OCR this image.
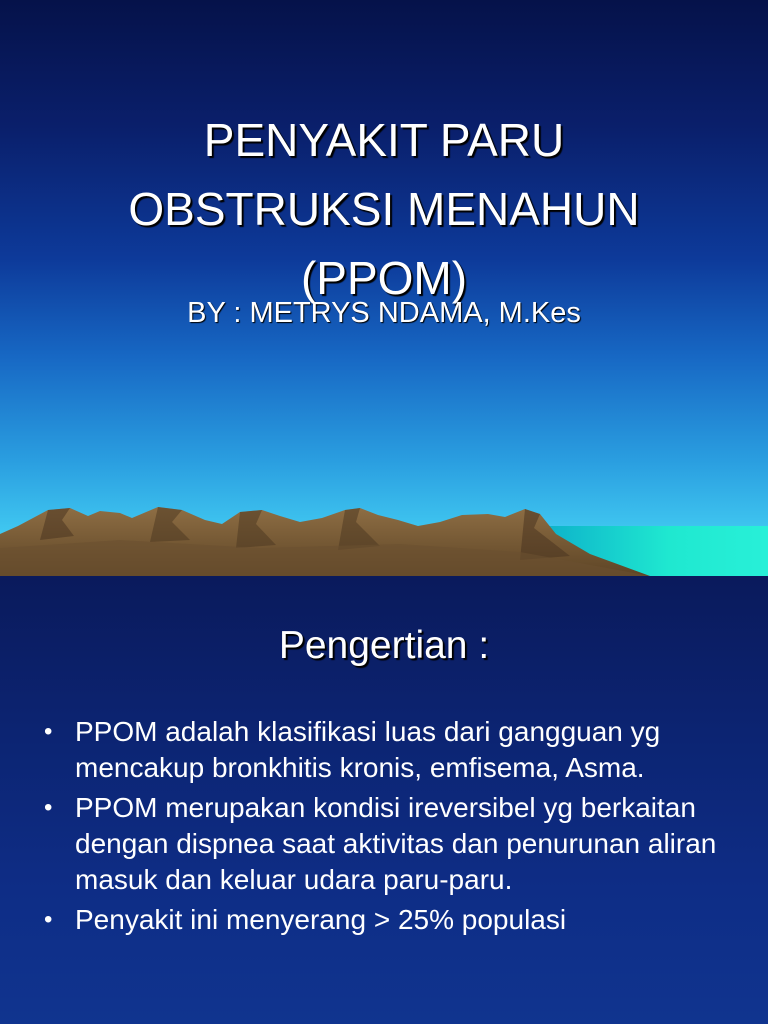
PENYAKIT PARU
OBSTRUKSI MENAHUN
(PPOM)
BY : METRYS NDAMA, M.Kes
Pengertian :
• PPOM adalah klasifikasi luas dari gangguan yg mencakup bronkhitis kronis, emfisema, Asma.
• PPOM merupakan kondisi ireversibel yg berkaitan dengan dispnea saat aktivitas dan penurunan aliran masuk dan keluar udara paru-paru.
• Penyakit ini menyerang > 25% populasi
